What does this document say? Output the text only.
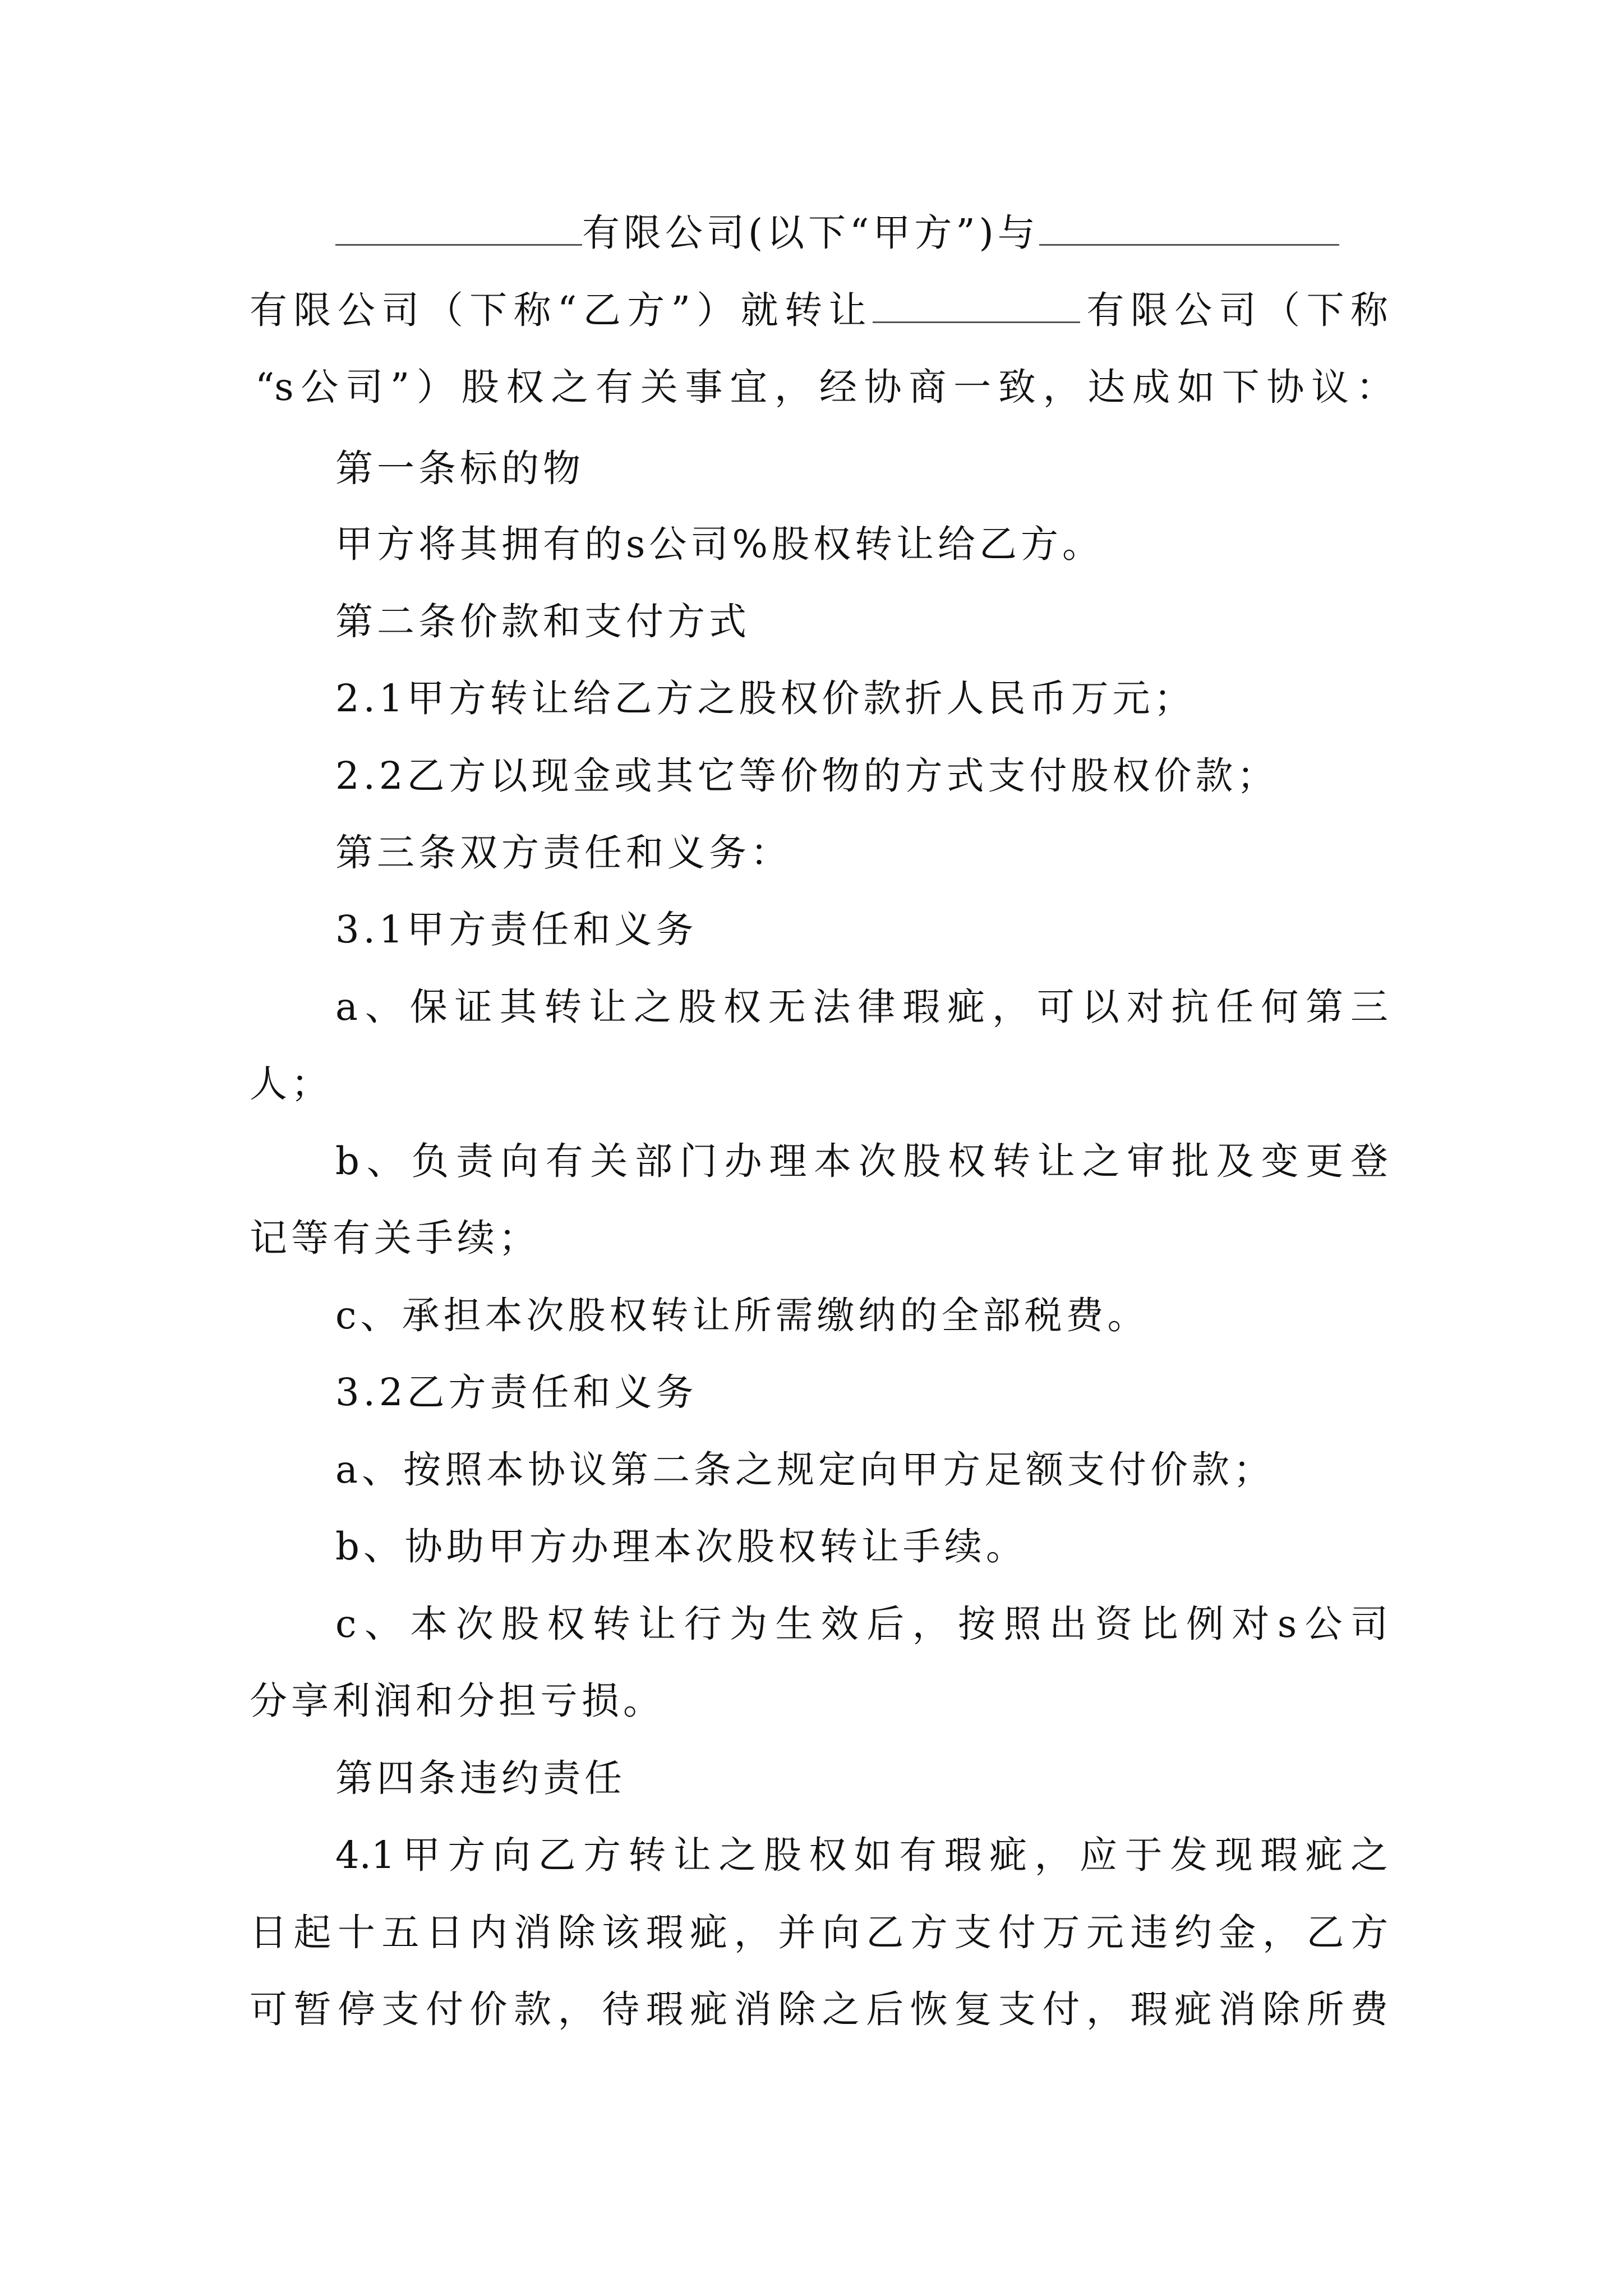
有限公司(以下“甲方”)与
有限公司（下称“乙方”）就转让	有限公司（下称
“s公司”）股权之有关事宜，经协商一致，达成如下协议：
第一条标的物
甲方将其拥有的s公司%股权转让给乙方。
第二条价款和支付方式
2.1甲方转让给乙方之股权价款折人民币万元；
2.2乙方以现金或其它等价物的方式支付股权价款；
第三条双方责任和义务：
3.1甲方责任和义务
a、保证其转让之股权无法律瑕疵，可以对抗任何第三
人；
b、负责向有关部门办理本次股权转让之审批及变更登
记等有关手续；
c、承担本次股权转让所需缴纳的全部税费。
3.2乙方责任和义务
a、按照本协议第二条之规定向甲方足额支付价款；
b、协助甲方办理本次股权转让手续。
c、本次股权转让行为生效后，按照出资比例对s公司
分享利润和分担亏损。
第四条违约责任
4.1甲方向乙方转让之股权如有瑕疵，应于发现瑕疵之
日起十五日内消除该瑕疵，并向乙方支付万元违约金，乙方
可暂停支付价款，待瑕疵消除之后恢复支付，瑕疵消除所费
